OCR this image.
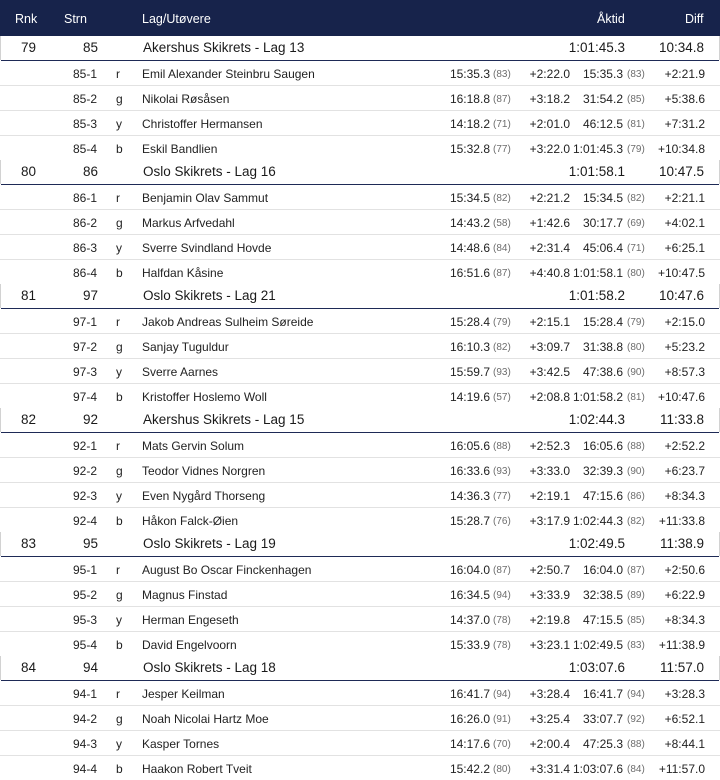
Rnk Strn	Lag/Utøvere	Åktid	Diff
79	85	Akershus Skikrets - Lag 13	1:01:45.3	10:34.8
85-1 r Emil Alexander Steinbru Saugen	15:35.3 (83) +2:22.0 15:35.3 (83) +2:21.9
85-2 g Nikolai Røsåsen	16:18.8 (87) +3:18.2 31:54.2 (85) +5:38.6
85-3 y Christoffer Hermansen	14:18.2 (71) +2:01.0 46:12.5 (81) +7:31.2
85-4 b Eskil Bandlien	15:32.8 (77) +3:22.0 1:01:45.3 (79) +10:34.8
80	86	Oslo Skikrets - Lag 16	1:01:58.1	10:47.5
86-1 r Benjamin Olav Sammut	15:34.5 (82) +2:21.2 15:34.5 (82) +2:21.1
86-2 g Markus Arfvedahl	14:43.2 (58) +1:42.6 30:17.7 (69) +4:02.1
86-3 y Sverre Svindland Hovde	14:48.6 (84) +2:31.4 45:06.4 (71) +6:25.1
86-4 b Halfdan Kåsine	16:51.6 (87) +4:40.8 1:01:58.1 (80) +10:47.5
81	97	Oslo Skikrets - Lag 21	1:01:58.2	10:47.6
97-1 r Jakob Andreas Sulheim Søreide	15:28.4 (79) +2:15.1 15:28.4 (79) +2:15.0
97-2 g Sanjay Tuguldur	16:10.3 (82) +3:09.7 31:38.8 (80) +5:23.2
97-3 y Sverre Aarnes	15:59.7 (93) +3:42.5 47:38.6 (90) +8:57.3
97-4 b Kristoffer Hoslemo Woll	14:19.6 (57) +2:08.8 1:01:58.2 (81) +10:47.6
82	92	Akershus Skikrets - Lag 15	1:02:44.3	11:33.8
92-1 r Mats Gervin Solum	16:05.6 (88) +2:52.3 16:05.6 (88) +2:52.2
92-2 g Teodor Vidnes Norgren	16:33.6 (93) +3:33.0 32:39.3 (90) +6:23.7
92-3 y Even Nygård Thorseng	14:36.3 (77) +2:19.1 47:15.6 (86) +8:34.3
92-4 b Håkon Falck-Øien	15:28.7 (76) +3:17.9 1:02:44.3 (82) +11:33.8
83	95	Oslo Skikrets - Lag 19	1:02:49.5	11:38.9
95-1 r August Bo Oscar Finckenhagen	16:04.0 (87) +2:50.7 16:04.0 (87) +2:50.6
95-2 g Magnus Finstad	16:34.5 (94) +3:33.9 32:38.5 (89) +6:22.9
95-3 y Herman Engeseth	14:37.0 (78) +2:19.8 47:15.5 (85) +8:34.3
95-4 b David Engelvoorn	15:33.9 (78) +3:23.1 1:02:49.5 (83) +11:38.9
84	94	Oslo Skikrets - Lag 18	1:03:07.6	11:57.0
94-1 r Jesper Keilman	16:41.7 (94) +3:28.4 16:41.7 (94) +3:28.3
94-2 g Noah Nicolai Hartz Moe	16:26.0 (91) +3:25.4 33:07.7 (92) +6:52.1
94-3 y Kasper Tornes	14:17.6 (70) +2:00.4 47:25.3 (88) +8:44.1
94-4 b Haakon Robert Tveit	15:42.2 (80) +3:31.4 1:03:07.6 (84) +11:57.0
